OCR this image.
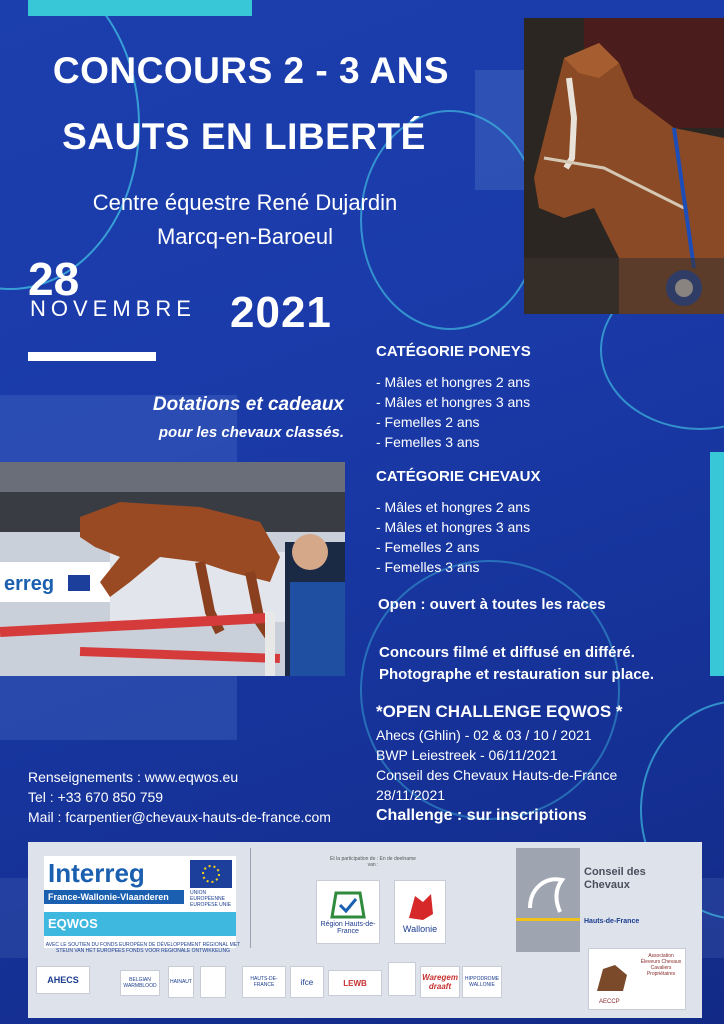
CONCOURS 2 - 3 ANS
SAUTS EN LIBERTÉ
Centre équestre René Dujardin
Marcq-en-Baroeul
28
NOVEMBRE 2021
Dotations et cadeaux
pour les chevaux classés.
erreg
CATÉGORIE PONEYS
- Mâles et hongres 2 ans
- Mâles et hongres 3 ans
- Femelles 2 ans
- Femelles 3 ans
CATÉGORIE CHEVAUX
- Mâles et hongres 2 ans
- Mâles et hongres 3 ans
- Femelles 2 ans
- Femelles 3 ans
Open : ouvert à toutes les races
Concours filmé et diffusé en différé.
Photographe et restauration sur place.
*OPEN CHALLENGE EQWOS *
Ahecs (Ghlin) - 02 & 03 / 10 / 2021
BWP Leiestreek - 06/11/2021
Conseil des Chevaux Hauts-de-France
28/11/2021
Challenge : sur inscriptions
Renseignements : www.eqwos.eu
Tel : +33 670 850 759
Mail : fcarpentier@chevaux-hauts-de-france.com
Interreg
UNION EUROPÉENNE EUROPESE UNIE
France-Wallonie-Vlaanderen
EQWOS
AVEC LE SOUTIEN DU FONDS EUROPÉEN DE DÉVELOPPEMENT RÉGIONAL MET STEUN VAN HET EUROPEES FONDS VOOR REGIONALE ONTWIKKELING
Et la participation de : En de deelname van :
Région Hauts-de-France	Wallonie
Conseil des Chevaux
Hauts-de-France
AHECS	BELGIAN WARMBLOOD
HAINAUT	HAUTS-DE-FRANCE	ifce	LEWB
Waregem draaft
HIPPODROME WALLONIE
Association Éleveurs Chevaux Cavaliers Propriétaires
AECCP
